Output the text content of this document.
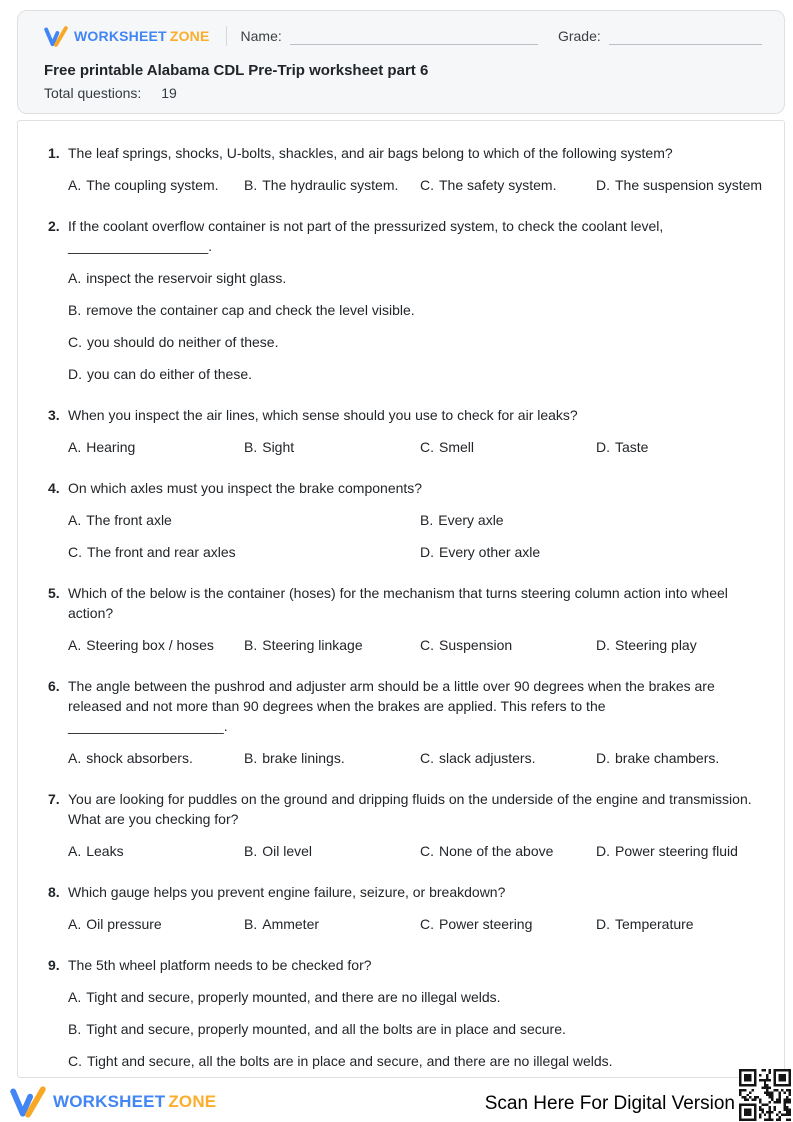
WORKSHEET ZONE Name:	Grade:
Free printable Alabama CDL Pre-Trip worksheet part 6
Total questions: 19
1. The leaf springs, shocks, U-bolts, shackles, and air bags belong to which of the following system?
A. The coupling system.	B. The hydraulic system.	C. The safety system.	D. The suspension system
2. If the coolant overflow container is not part of the pressurized system, to check the coolant level, __________________.
A. inspect the reservoir sight glass.
B. remove the container cap and check the level visible.
C. you should do neither of these.
D. you can do either of these.
3. When you inspect the air lines, which sense should you use to check for air leaks?
A. Hearing	B. Sight	C. Smell	D. Taste
4. On which axles must you inspect the brake components?
A. The front axle	B. Every axle
C. The front and rear axles	D. Every other axle
5. Which of the below is the container (hoses) for the mechanism that turns steering column action into wheel action?
A. Steering box / hoses	B. Steering linkage	C. Suspension	D. Steering play
6. The angle between the pushrod and adjuster arm should be a little over 90 degrees when the brakes are released and not more than 90 degrees when the brakes are applied. This refers to the ____________________.
A. shock absorbers.	B. brake linings.	C. slack adjusters.	D. brake chambers.
7. You are looking for puddles on the ground and dripping fluids on the underside of the engine and transmission. What are you checking for?
A. Leaks	B. Oil level	C. None of the above	D. Power steering fluid
8. Which gauge helps you prevent engine failure, seizure, or breakdown?
A. Oil pressure	B. Ammeter	C. Power steering	D. Temperature
9. The 5th wheel platform needs to be checked for?
A. Tight and secure, properly mounted, and there are no illegal welds.
B. Tight and secure, properly mounted, and all the bolts are in place and secure.
C. Tight and secure, all the bolts are in place and secure, and there are no illegal welds.
WORKSHEET ZONE	Scan Here For Digital Version
